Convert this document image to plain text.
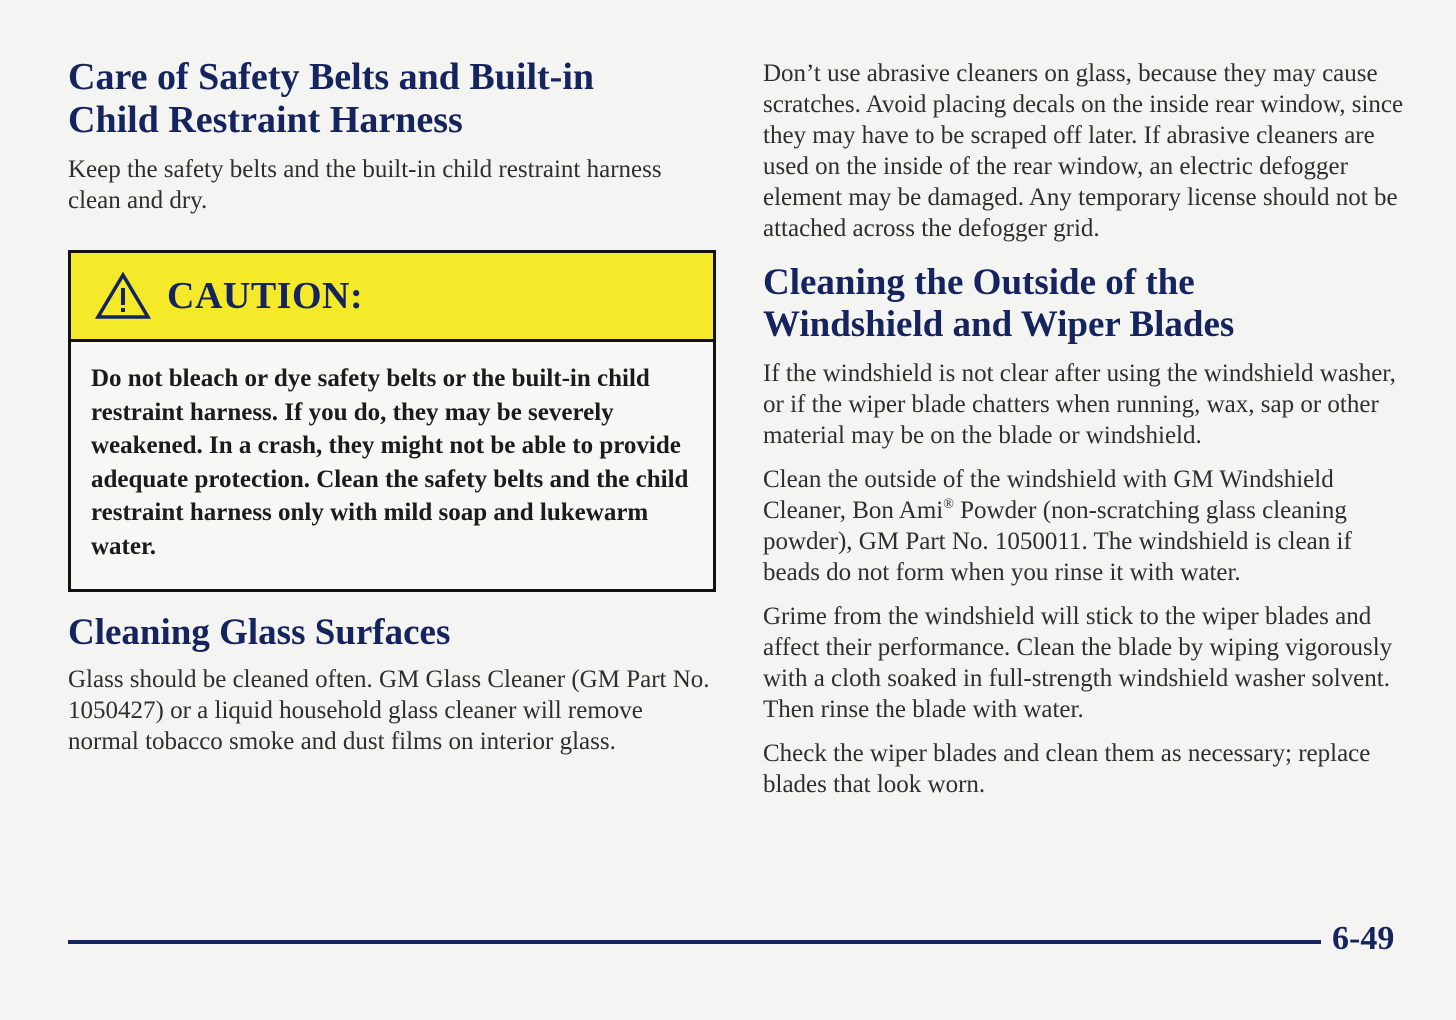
Care of Safety Belts and Built-in
Child Restraint Harness

Keep the safety belts and the built-in child restraint harness clean and dry.

CAUTION:
Do not bleach or dye safety belts or the built-in child restraint harness. If you do, they may be severely weakened. In a crash, they might not be able to provide adequate protection. Clean the safety belts and the child restraint harness only with mild soap and lukewarm water.
Cleaning Glass Surfaces

Glass should be cleaned often. GM Glass Cleaner (GM Part No. 1050427) or a liquid household glass cleaner will remove normal tobacco smoke and dust films on interior glass.

Don’t use abrasive cleaners on glass, because they may cause scratches. Avoid placing decals on the inside rear window, since they may have to be scraped off later. If abrasive cleaners are used on the inside of the rear window, an electric defogger element may be damaged. Any temporary license should not be attached across the defogger grid.

Cleaning the Outside of the
Windshield and Wiper Blades

If the windshield is not clear after using the windshield washer, or if the wiper blade chatters when running, wax, sap or other material may be on the blade or windshield.

Clean the outside of the windshield with GM Windshield Cleaner, Bon Ami® Powder (non-scratching glass cleaning powder), GM Part No. 1050011. The windshield is clean if beads do not form when you rinse it with water.

Grime from the windshield will stick to the wiper blades and affect their performance. Clean the blade by wiping vigorously with a cloth soaked in full-strength windshield washer solvent. Then rinse the blade with water.

Check the wiper blades and clean them as necessary; replace blades that look worn.

6-49
